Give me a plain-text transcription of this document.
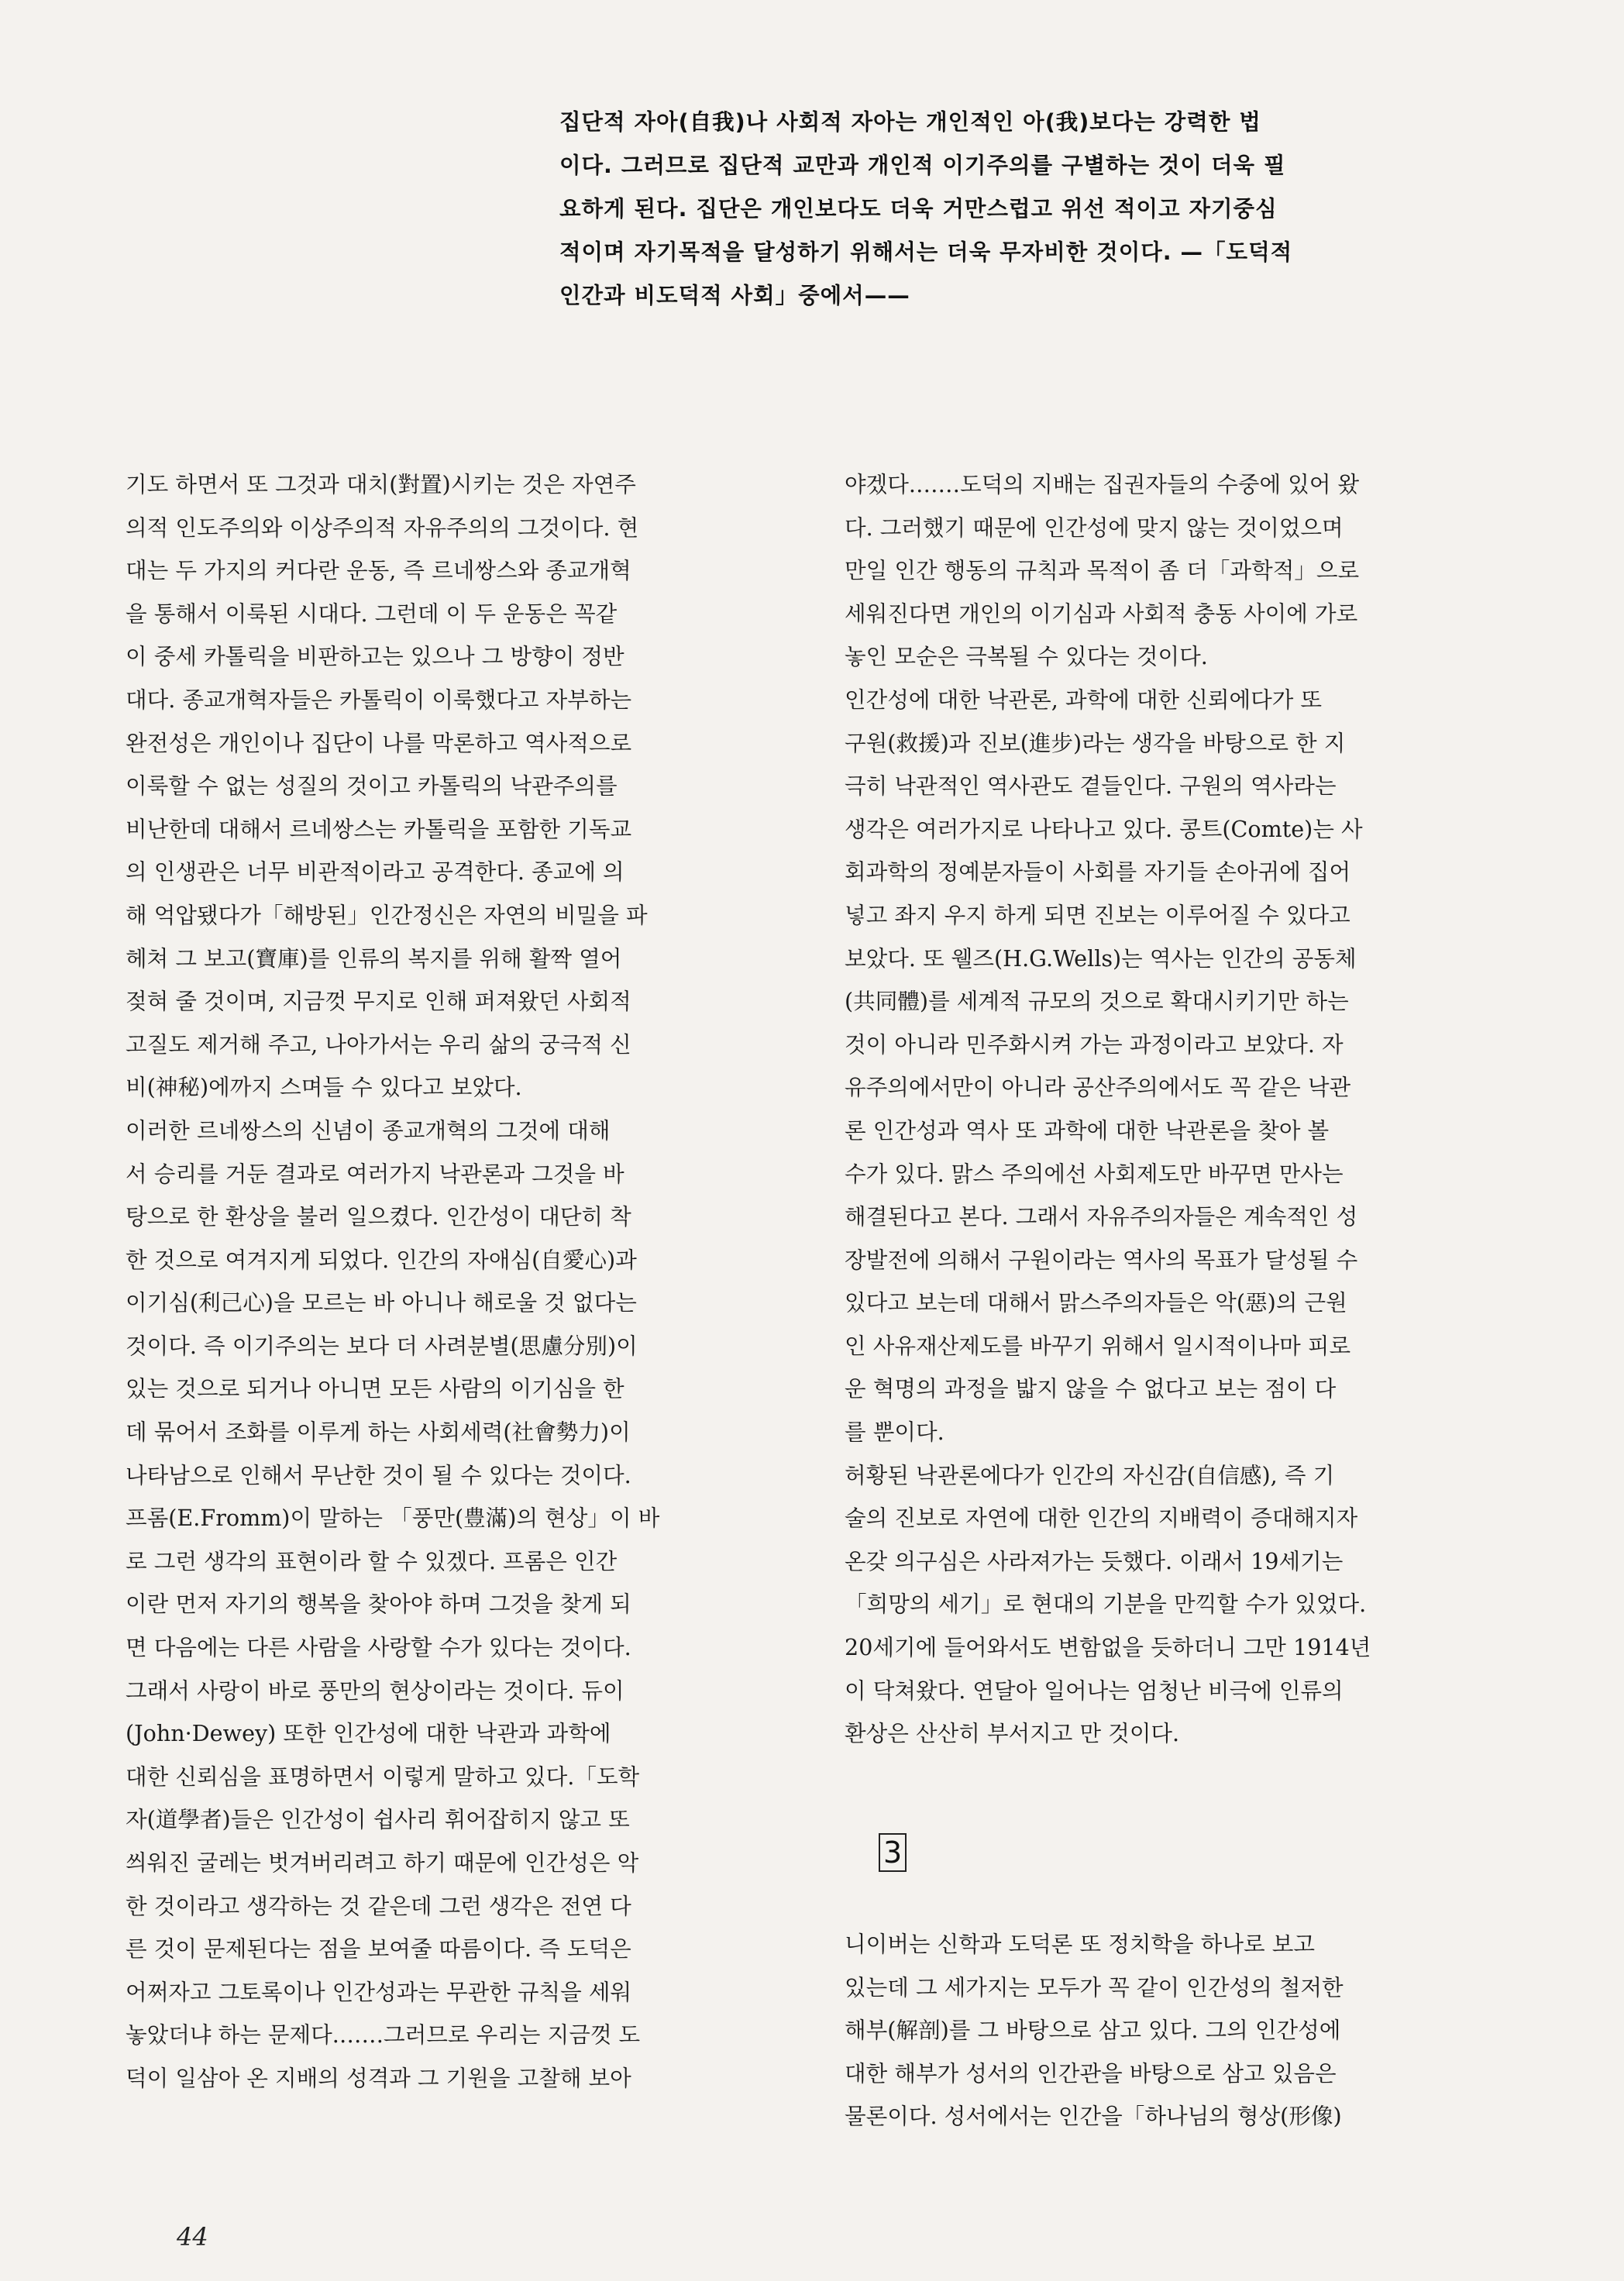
집단적 자아(自我)나 사회적 자아는 개인적인 아(我)보다는 강력한 법
이다. 그러므로 집단적 교만과 개인적 이기주의를 구별하는 것이 더욱 필
요하게 된다. 집단은 개인보다도 더욱 거만스럽고 위선 적이고 자기중심
적이며 자기목적을 달성하기 위해서는 더욱 무자비한 것이다. —「도덕적
인간과 비도덕적 사회」중에서——
기도 하면서 또 그것과 대치(對置)시키는 것은 자연주
의적 인도주의와 이상주의적 자유주의의 그것이다. 현
대는 두 가지의 커다란 운동, 즉 르네쌍스와 종교개혁
을 통해서 이룩된 시대다. 그런데 이 두 운동은 꼭같
이 중세 카톨릭을 비판하고는 있으나 그 방향이 정반
대다. 종교개혁자들은 카톨릭이 이룩했다고 자부하는
완전성은 개인이나 집단이 나를 막론하고 역사적으로
이룩할 수 없는 성질의 것이고 카톨릭의 낙관주의를
비난한데 대해서 르네쌍스는 카톨릭을 포함한 기독교
의 인생관은 너무 비관적이라고 공격한다. 종교에 의
해 억압됐다가「해방된」인간정신은 자연의 비밀을 파
헤쳐 그 보고(寶庫)를 인류의 복지를 위해 활짝 열어
젖혀 줄 것이며, 지금껏 무지로 인해 퍼져왔던 사회적
고질도 제거해 주고, 나아가서는 우리 삶의 궁극적 신
비(神秘)에까지 스며들 수 있다고 보았다.
이러한 르네쌍스의 신념이 종교개혁의 그것에 대해
서 승리를 거둔 결과로 여러가지 낙관론과 그것을 바
탕으로 한 환상을 불러 일으켰다. 인간성이 대단히 착
한 것으로 여겨지게 되었다. 인간의 자애심(自愛心)과
이기심(利己心)을 모르는 바 아니나 해로울 것 없다는
것이다. 즉 이기주의는 보다 더 사려분별(思慮分別)이
있는 것으로 되거나 아니면 모든 사람의 이기심을 한
데 묶어서 조화를 이루게 하는 사회세력(社會勢力)이
나타남으로 인해서 무난한 것이 될 수 있다는 것이다.
프롬(E.Fromm)이 말하는 「풍만(豊滿)의 현상」이 바
로 그런 생각의 표현이라 할 수 있겠다. 프롬은 인간
이란 먼저 자기의 행복을 찾아야 하며 그것을 찾게 되
면 다음에는 다른 사람을 사랑할 수가 있다는 것이다.
그래서 사랑이 바로 풍만의 현상이라는 것이다. 듀이
(John·Dewey) 또한 인간성에 대한 낙관과 과학에
대한 신뢰심을 표명하면서 이렇게 말하고 있다.「도학
자(道學者)들은 인간성이 쉽사리 휘어잡히지 않고 또
씌워진 굴레는 벗겨버리려고 하기 때문에 인간성은 악
한 것이라고 생각하는 것 같은데 그런 생각은 전연 다
른 것이 문제된다는 점을 보여줄 따름이다. 즉 도덕은
어쩌자고 그토록이나 인간성과는 무관한 규칙을 세워
놓았더냐 하는 문제다.……그러므로 우리는 지금껏 도
덕이 일삼아 온 지배의 성격과 그 기원을 고찰해 보아
야겠다.……도덕의 지배는 집권자들의 수중에 있어 왔
다. 그러했기 때문에 인간성에 맞지 않는 것이었으며
만일 인간 행동의 규칙과 목적이 좀 더「과학적」으로
세워진다면 개인의 이기심과 사회적 충동 사이에 가로
놓인 모순은 극복될 수 있다는 것이다.
인간성에 대한 낙관론, 과학에 대한 신뢰에다가 또
구원(救援)과 진보(進步)라는 생각을 바탕으로 한 지
극히 낙관적인 역사관도 곁들인다. 구원의 역사라는
생각은 여러가지로 나타나고 있다. 콩트(Comte)는 사
회과학의 정예분자들이 사회를 자기들 손아귀에 집어
넣고 좌지 우지 하게 되면 진보는 이루어질 수 있다고
보았다. 또 웰즈(H.G.Wells)는 역사는 인간의 공동체
(共同體)를 세계적 규모의 것으로 확대시키기만 하는
것이 아니라 민주화시켜 가는 과정이라고 보았다. 자
유주의에서만이 아니라 공산주의에서도 꼭 같은 낙관
론 인간성과 역사 또 과학에 대한 낙관론을 찾아 볼
수가 있다. 맑스 주의에선 사회제도만 바꾸면 만사는
해결된다고 본다. 그래서 자유주의자들은 계속적인 성
장발전에 의해서 구원이라는 역사의 목표가 달성될 수
있다고 보는데 대해서 맑스주의자들은 악(惡)의 근원
인 사유재산제도를 바꾸기 위해서 일시적이나마 피로
운 혁명의 과정을 밟지 않을 수 없다고 보는 점이 다
를 뿐이다.
허황된 낙관론에다가 인간의 자신감(自信感), 즉 기
술의 진보로 자연에 대한 인간의 지배력이 증대해지자
온갖 의구심은 사라져가는 듯했다. 이래서 19세기는
「희망의 세기」로 현대의 기분을 만끽할 수가 있었다.
20세기에 들어와서도 변함없을 듯하더니 그만 1914년
이 닥쳐왔다. 연달아 일어나는 엄청난 비극에 인류의
환상은 산산히 부서지고 만 것이다.
3
니이버는 신학과 도덕론 또 정치학을 하나로 보고
있는데 그 세가지는 모두가 꼭 같이 인간성의 철저한
해부(解剖)를 그 바탕으로 삼고 있다. 그의 인간성에
대한 해부가 성서의 인간관을 바탕으로 삼고 있음은
물론이다. 성서에서는 인간을「하나님의 형상(形像)
44
